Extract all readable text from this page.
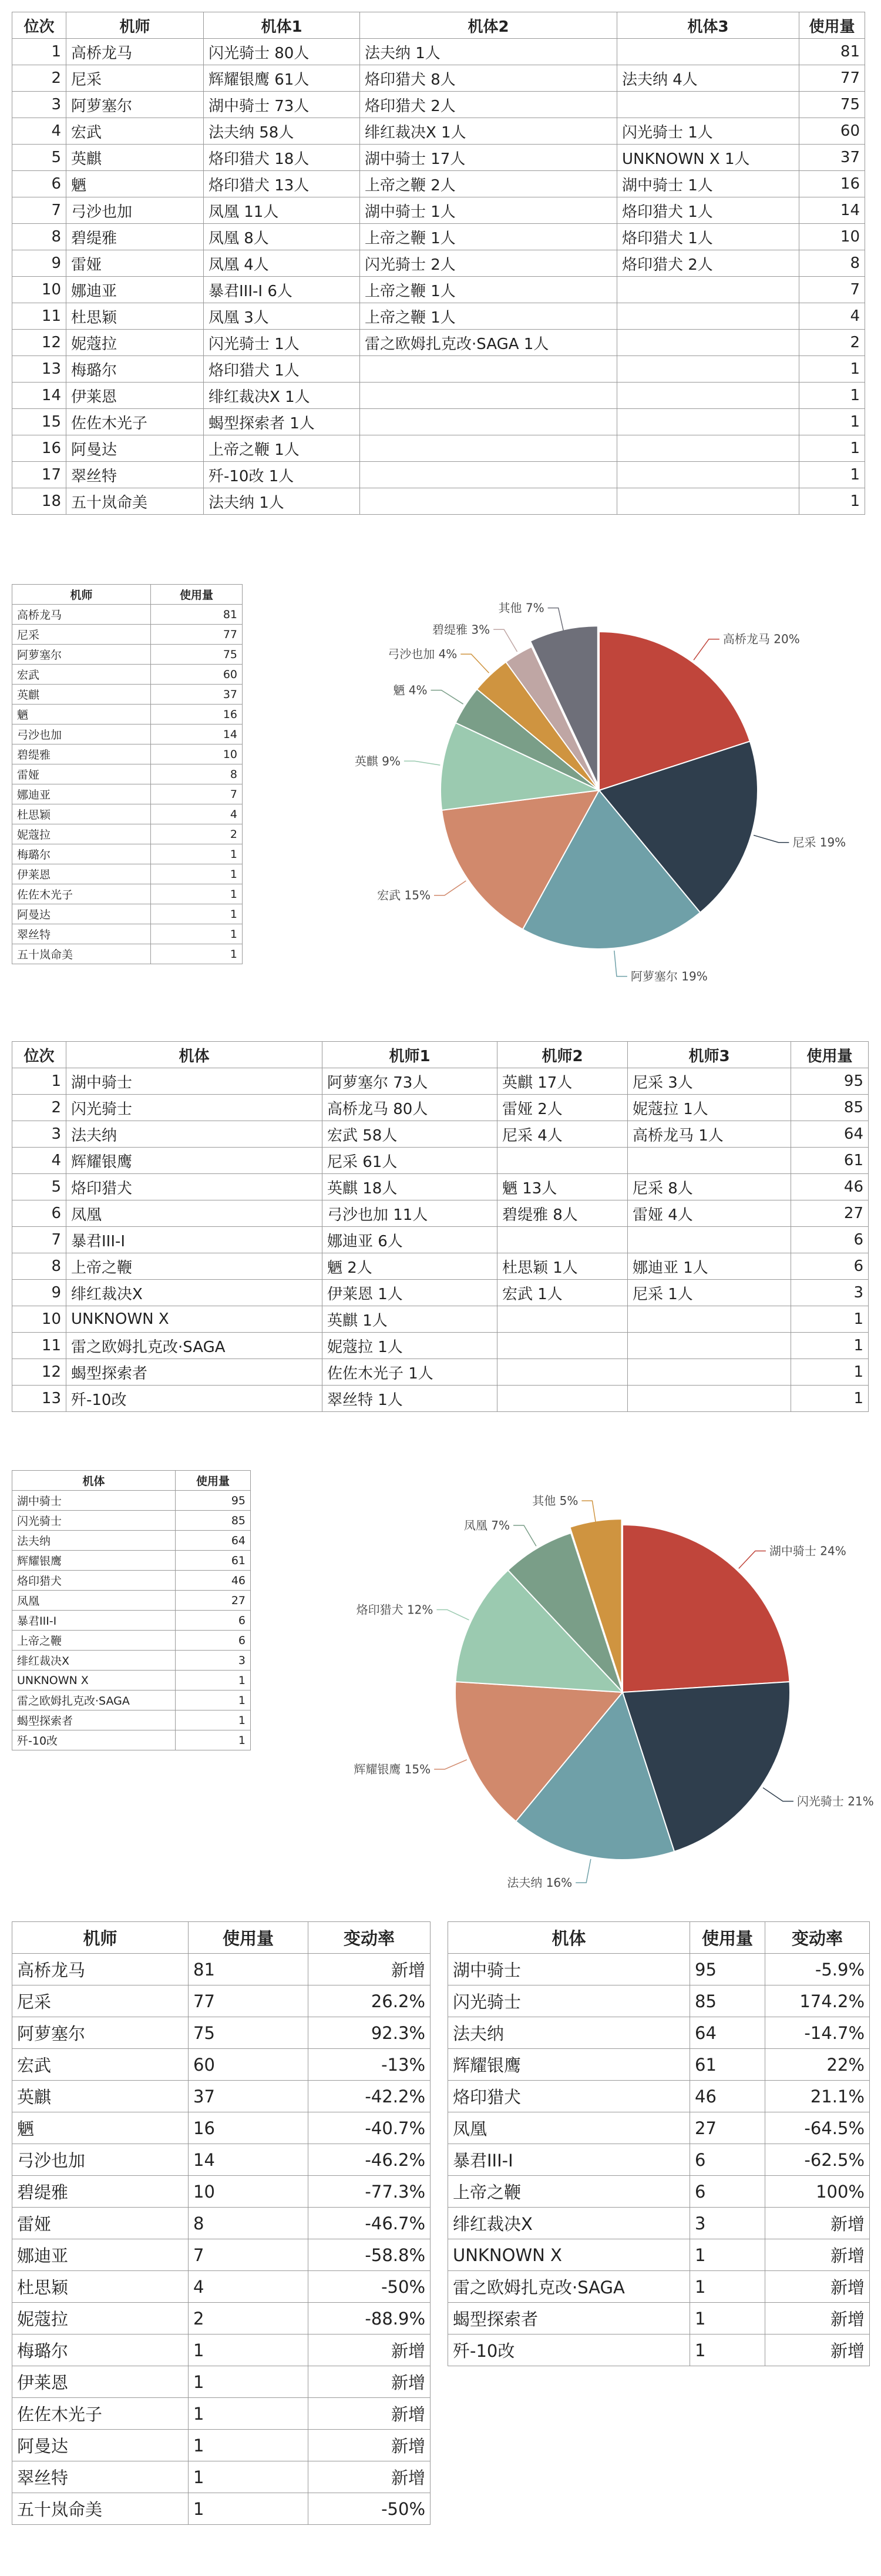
位次	机师	机体1	机体2	机体3	使用量
1	高桥龙马	闪光骑士 80人	法夫纳 1人		81
2	尼采	辉耀银鹰 61人	烙印猎犬 8人	法夫纳 4人	77
3	阿萝塞尔	湖中骑士 73人	烙印猎犬 2人		75
4	宏武	法夫纳 58人	绯红裁决X 1人	闪光骑士 1人	60
5	英麒	烙印猎犬 18人	湖中骑士 17人	UNKNOWN X 1人	37
6	魉	烙印猎犬 13人	上帝之鞭 2人	湖中骑士 1人	16
7	弓沙也加	凤凰 11人	湖中骑士 1人	烙印猎犬 1人	14
8	碧缇雅	凤凰 8人	上帝之鞭 1人	烙印猎犬 1人	10
9	雷娅	凤凰 4人	闪光骑士 2人	烙印猎犬 2人	8
10	娜迪亚	暴君III-I 6人	上帝之鞭 1人		7
11	杜思颖	凤凰 3人	上帝之鞭 1人		4
12	妮蔻拉	闪光骑士 1人	雷之欧姆扎克改·SAGA 1人		2
13	梅璐尔	烙印猎犬 1人			1
14	伊莱恩	绯红裁决X 1人			1
15	佐佐木光子	蝎型探索者 1人			1
16	阿曼达	上帝之鞭 1人			1
17	翠丝特	歼-10改 1人			1
18	五十岚命美	法夫纳 1人			1
机师	使用量
高桥龙马	81
尼采	77
阿萝塞尔	75
宏武	60
英麒	37
魉	16
弓沙也加	14
碧缇雅	10
雷娅	8
娜迪亚	7
杜思颖	4
妮蔻拉	2
梅璐尔	1
伊莱恩	1
佐佐木光子	1
阿曼达	1
翠丝特	1
五十岚命美	1
高桥龙马 20%
尼采 19%
阿萝塞尔 19%
宏武 15%
英麒 9%
魉 4%
弓沙也加 4%
碧缇雅 3%
其他 7%
位次	机体	机师1	机师2	机师3	使用量
1	湖中骑士	阿萝塞尔 73人	英麒 17人	尼采 3人	95
2	闪光骑士	高桥龙马 80人	雷娅 2人	妮蔻拉 1人	85
3	法夫纳	宏武 58人	尼采 4人	高桥龙马 1人	64
4	辉耀银鹰	尼采 61人			61
5	烙印猎犬	英麒 18人	魉 13人	尼采 8人	46
6	凤凰	弓沙也加 11人	碧缇雅 8人	雷娅 4人	27
7	暴君III-I	娜迪亚 6人			6
8	上帝之鞭	魉 2人	杜思颖 1人	娜迪亚 1人	6
9	绯红裁决X	伊莱恩 1人	宏武 1人	尼采 1人	3
10	UNKNOWN X	英麒 1人			1
11	雷之欧姆扎克改·SAGA	妮蔻拉 1人			1
12	蝎型探索者	佐佐木光子 1人			1
13	歼-10改	翠丝特 1人			1
机体	使用量
湖中骑士	95
闪光骑士	85
法夫纳	64
辉耀银鹰	61
烙印猎犬	46
凤凰	27
暴君III-I	6
上帝之鞭	6
绯红裁决X	3
UNKNOWN X	1
雷之欧姆扎克改·SAGA	1
蝎型探索者	1
歼-10改	1
湖中骑士 24%
闪光骑士 21%
法夫纳 16%
辉耀银鹰 15%
烙印猎犬 12%
凤凰 7%
其他 5%
机师	使用量	变动率
高桥龙马	81	新增
尼采	77	26.2%
阿萝塞尔	75	92.3%
宏武	60	-13%
英麒	37	-42.2%
魉	16	-40.7%
弓沙也加	14	-46.2%
碧缇雅	10	-77.3%
雷娅	8	-46.7%
娜迪亚	7	-58.8%
杜思颖	4	-50%
妮蔻拉	2	-88.9%
梅璐尔	1	新增
伊莱恩	1	新增
佐佐木光子	1	新增
阿曼达	1	新增
翠丝特	1	新增
五十岚命美	1	-50%
机体	使用量	变动率
湖中骑士	95	-5.9%
闪光骑士	85	174.2%
法夫纳	64	-14.7%
辉耀银鹰	61	22%
烙印猎犬	46	21.1%
凤凰	27	-64.5%
暴君III-I	6	-62.5%
上帝之鞭	6	100%
绯红裁决X	3	新增
UNKNOWN X	1	新增
雷之欧姆扎克改·SAGA	1	新增
蝎型探索者	1	新增
歼-10改	1	新增
